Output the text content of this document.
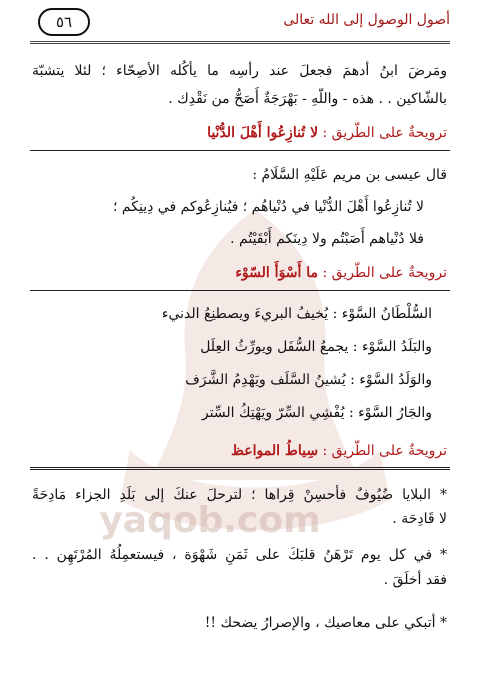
أصول الوصول إلى الله تعالى
٥٦
yaqob.com
ومَرضَ ابنُ أدهمَ فجعلَ عند رأسِه ما يأكُله الأصِحّاء ؛ لئلا يتشبّهَ
بالشّاكين . . هذه - واللّهِ - بَهْرَجَةٌ أَصَحُّ من نَقْدِك .
ترويحةٌ على الطّريق : لا تُنازِعُوا أَهْلَ الدُّنْيا
قال عيسى بن مريم عَلَيْهِ السَّلَامُ :
لا تُنازِعُوا أَهْلَ الدُّنْيا في دُنْياهُم ؛ فيُنازِعُوكم في دِينِكُم ؛
فلا دُنْياهم أَصَبْتُم ولا دِينَكم أَبْقَيْتُم .
ترويحةٌ على الطّريق : ما أَسْوَأَ السّوْء
السُّلْطَانُ السَّوْء : يُخيفُ البريءَ ويصطنِعُ الدنيء
والبَلَدُ السَّوْء : يجمعُ السُّفَل ويورِّثُ العِلَل
والوَلَدُ السَّوْء : يُشينُ السَّلَف ويَهْدِمُ الشَّرَف
والجَارُ السَّوْء : يُفْشِي السِّرّ ويَهْتِكُ السِّتر
ترويحةٌ على الطّريق : سِياطُ المواعظ
* البلايا ضُيُوفٌ فأحسِنْ قِراها ؛ لترحلَ عنكَ إلى بَلَدِ الجزاء مَادِحَةً
لا قَادِحَة .
* في كل يوم تَرْهَنُ قلبَكَ على ثَمَنِ شَهْوَة ، فيستعمِلُهُ المُرْتَهِن . .
فقد أخلَقَ .
* أتبكي على معاصيك ، والإصرارُ يضحك !!
